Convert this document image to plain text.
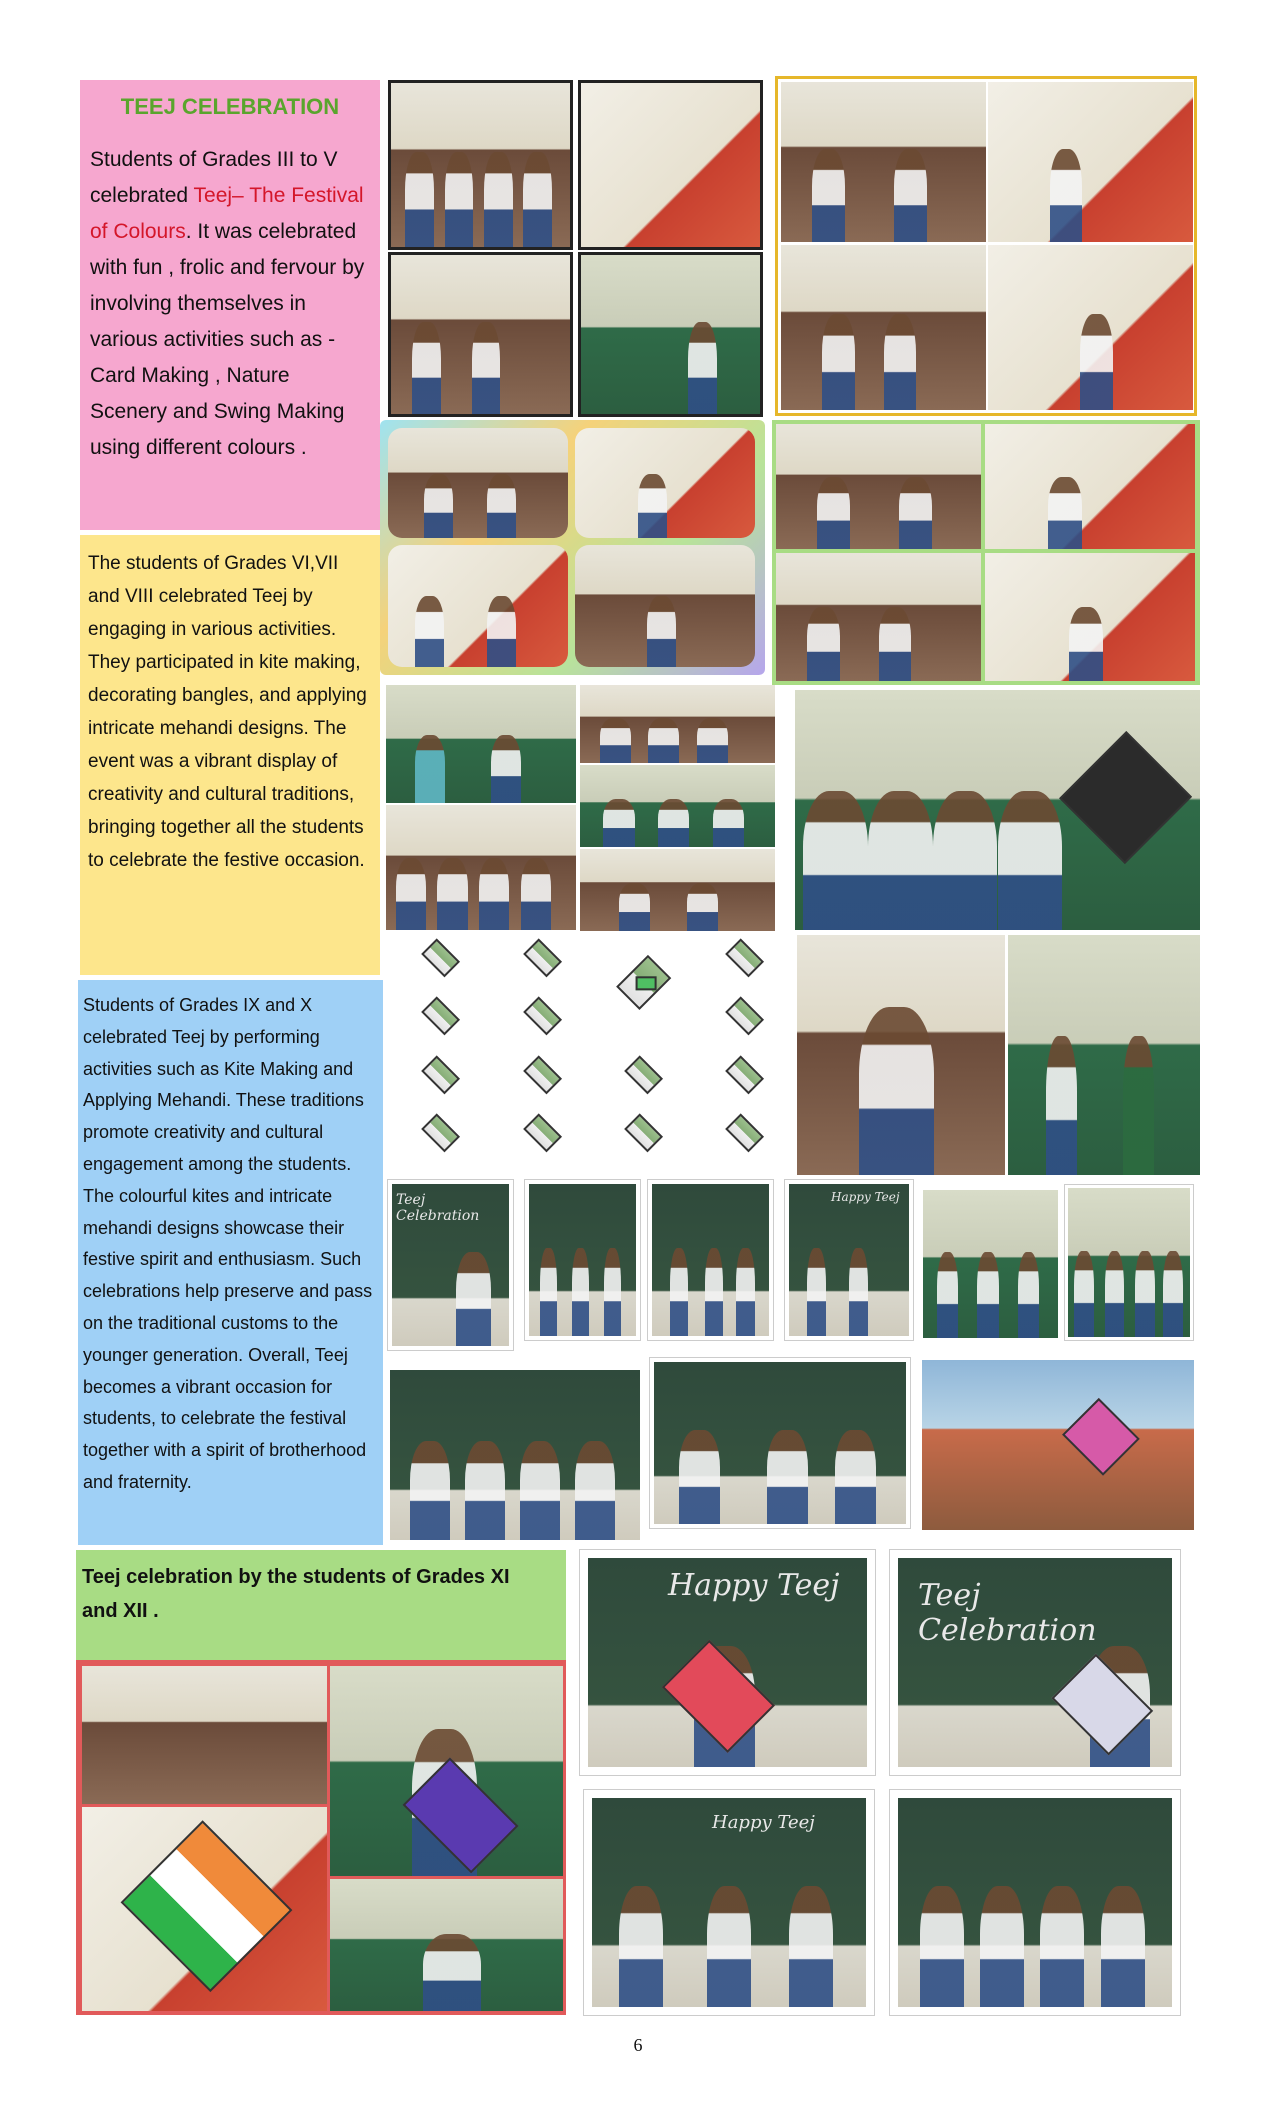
TEEJ CELEBRATION
Students of Grades III to V celebrated Teej– The Festival of Colours. It was celebrated with fun , frolic and fervour by involving themselves in various activities such as - Card Making , Nature Scenery and Swing Making using different colours .
The students of Grades VI,VII and VIII celebrated Teej by engaging in various activities. They participated in kite making, decorating bangles, and applying intricate mehandi designs. The event was a vibrant display of creativity and cultural traditions, bringing together all the students to celebrate the festive occasion.
Students of Grades IX and X celebrated Teej by performing activities such as Kite Making and Applying Mehandi. These traditions promote creativity and cultural engagement among the students. The colourful kites and intricate mehandi designs showcase their festive spirit and enthusiasm. Such celebrations help preserve and pass on the traditional customs to the younger generation. Overall, Teej becomes a vibrant occasion for students, to celebrate the festival together with a spirit of brotherhood and fraternity.
Teej celebration by the students of Grades XI and XII .
Teej Celebration
Happy Teej
Happy Teej	Teej Celebration
Happy Teej
6
